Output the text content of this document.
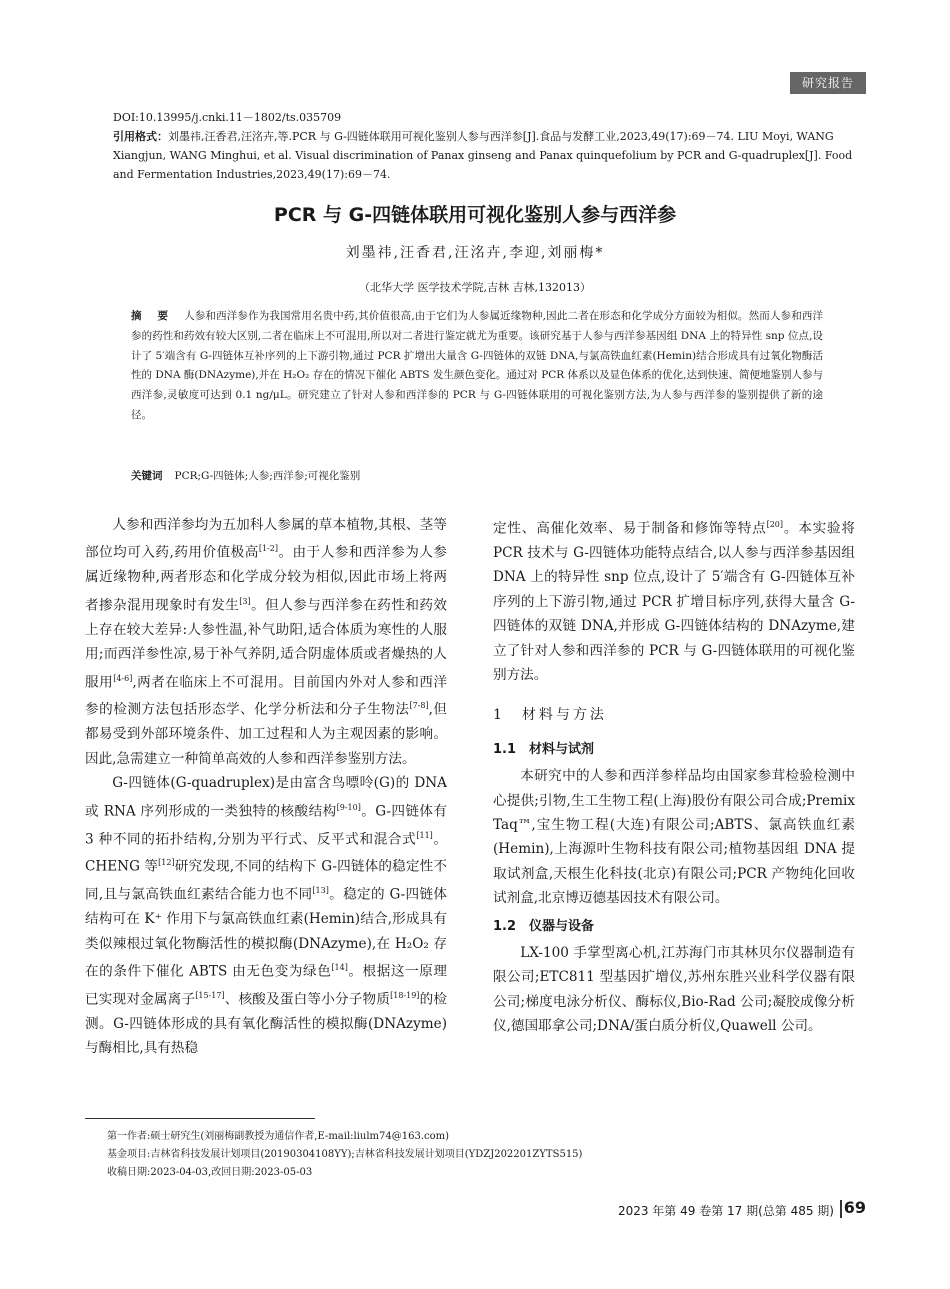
研究报告
DOI:10.13995/j.cnki.11－1802/ts.035709
引用格式：刘墨祎,汪香君,汪洺卉,等.PCR 与 G-四链体联用可视化鉴别人参与西洋参[J].食品与发酵工业,2023,49(17):69－74. LIU Moyi, WANG Xiangjun, WANG Minghui, et al. Visual discrimination of Panax ginseng and Panax quinquefolium by PCR and G-quadruplex[J]. Food and Fermentation Industries,2023,49(17):69－74.
PCR 与 G-四链体联用可视化鉴别人参与西洋参
刘墨祎,汪香君,汪洺卉,李迎,刘丽梅*
（北华大学 医学技术学院,吉林 吉林,132013）
摘 要 人参和西洋参作为我国常用名贵中药,其价值很高,由于它们为人参属近缘物种,因此二者在形态和化学成分方面较为相似。然而人参和西洋参的药性和药效有较大区别,二者在临床上不可混用,所以对二者进行鉴定就尤为重要。该研究基于人参与西洋参基因组 DNA 上的特异性 snp 位点,设计了 5′端含有 G-四链体互补序列的上下游引物,通过 PCR 扩增出大量含 G-四链体的双链 DNA,与氯高铁血红素(Hemin)结合形成具有过氧化物酶活性的 DNA 酶(DNAzyme),并在 H₂O₂ 存在的情况下催化 ABTS 发生颜色变化。通过对 PCR 体系以及显色体系的优化,达到快速、简便地鉴别人参与西洋参,灵敏度可达到 0.1 ng/μL。研究建立了针对人参和西洋参的 PCR 与 G-四链体联用的可视化鉴别方法,为人参与西洋参的鉴别提供了新的途径。
关键词 PCR;G-四链体;人参;西洋参;可视化鉴别

人参和西洋参均为五加科人参属的草本植物,其根、茎等部位均可入药,药用价值极高[1-2]。由于人参和西洋参为人参属近缘物种,两者形态和化学成分较为相似,因此市场上将两者掺杂混用现象时有发生[3]。但人参与西洋参在药性和药效上存在较大差异:人参性温,补气助阳,适合体质为寒性的人服用;而西洋参性凉,易于补气养阴,适合阴虚体质或者燥热的人服用[4-6],两者在临床上不可混用。目前国内外对人参和西洋参的检测方法包括形态学、化学分析法和分子生物法[7-8],但都易受到外部环境条件、加工过程和人为主观因素的影响。因此,急需建立一种简单高效的人参和西洋参鉴别方法。

G-四链体(G-quadruplex)是由富含鸟嘌呤(G)的 DNA 或 RNA 序列形成的一类独特的核酸结构[9-10]。G-四链体有 3 种不同的拓扑结构,分别为平行式、反平式和混合式[11]。CHENG 等[12]研究发现,不同的结构下 G-四链体的稳定性不同,且与氯高铁血红素结合能力也不同[13]。稳定的 G-四链体结构可在 K⁺ 作用下与氯高铁血红素(Hemin)结合,形成具有类似辣根过氧化物酶活性的模拟酶(DNAzyme),在 H₂O₂ 存在的条件下催化 ABTS 由无色变为绿色[14]。根据这一原理已实现对金属离子[15-17]、核酸及蛋白等小分子物质[18-19]的检测。G-四链体形成的具有氧化酶活性的模拟酶(DNAzyme)与酶相比,具有热稳

定性、高催化效率、易于制备和修饰等特点[20]。本实验将 PCR 技术与 G-四链体功能特点结合,以人参与西洋参基因组 DNA 上的特异性 snp 位点,设计了 5′端含有 G-四链体互补序列的上下游引物,通过 PCR 扩增目标序列,获得大量含 G-四链体的双链 DNA,并形成 G-四链体结构的 DNAzyme,建立了针对人参和西洋参的 PCR 与 G-四链体联用的可视化鉴别方法。

1　材料与方法
1.1　材料与试剂

本研究中的人参和西洋参样品均由国家参茸检验检测中心提供;引物,生工生物工程(上海)股份有限公司合成;Premix Taq™,宝生物工程(大连)有限公司;ABTS、氯高铁血红素(Hemin),上海源叶生物科技有限公司;植物基因组 DNA 提取试剂盒,天根生化科技(北京)有限公司;PCR 产物纯化回收试剂盒,北京博迈德基因技术有限公司。

1.2　仪器与设备

LX-100 手掌型离心机,江苏海门市其林贝尔仪器制造有限公司;ETC811 型基因扩增仪,苏州东胜兴业科学仪器有限公司;梯度电泳分析仪、酶标仪,Bio-Rad 公司;凝胶成像分析仪,德国耶拿公司;DNA/蛋白质分析仪,Quawell 公司。

第一作者:硕士研究生(刘丽梅副教授为通信作者,E-mail:liulm74@163.com)
基金项目:吉林省科技发展计划项目(20190304108YY);吉林省科技发展计划项目(YDZJ202201ZYTS515)
收稿日期:2023-04-03,改回日期:2023-05-03
2023 年第 49 卷第 17 期(总第 485 期) 69
